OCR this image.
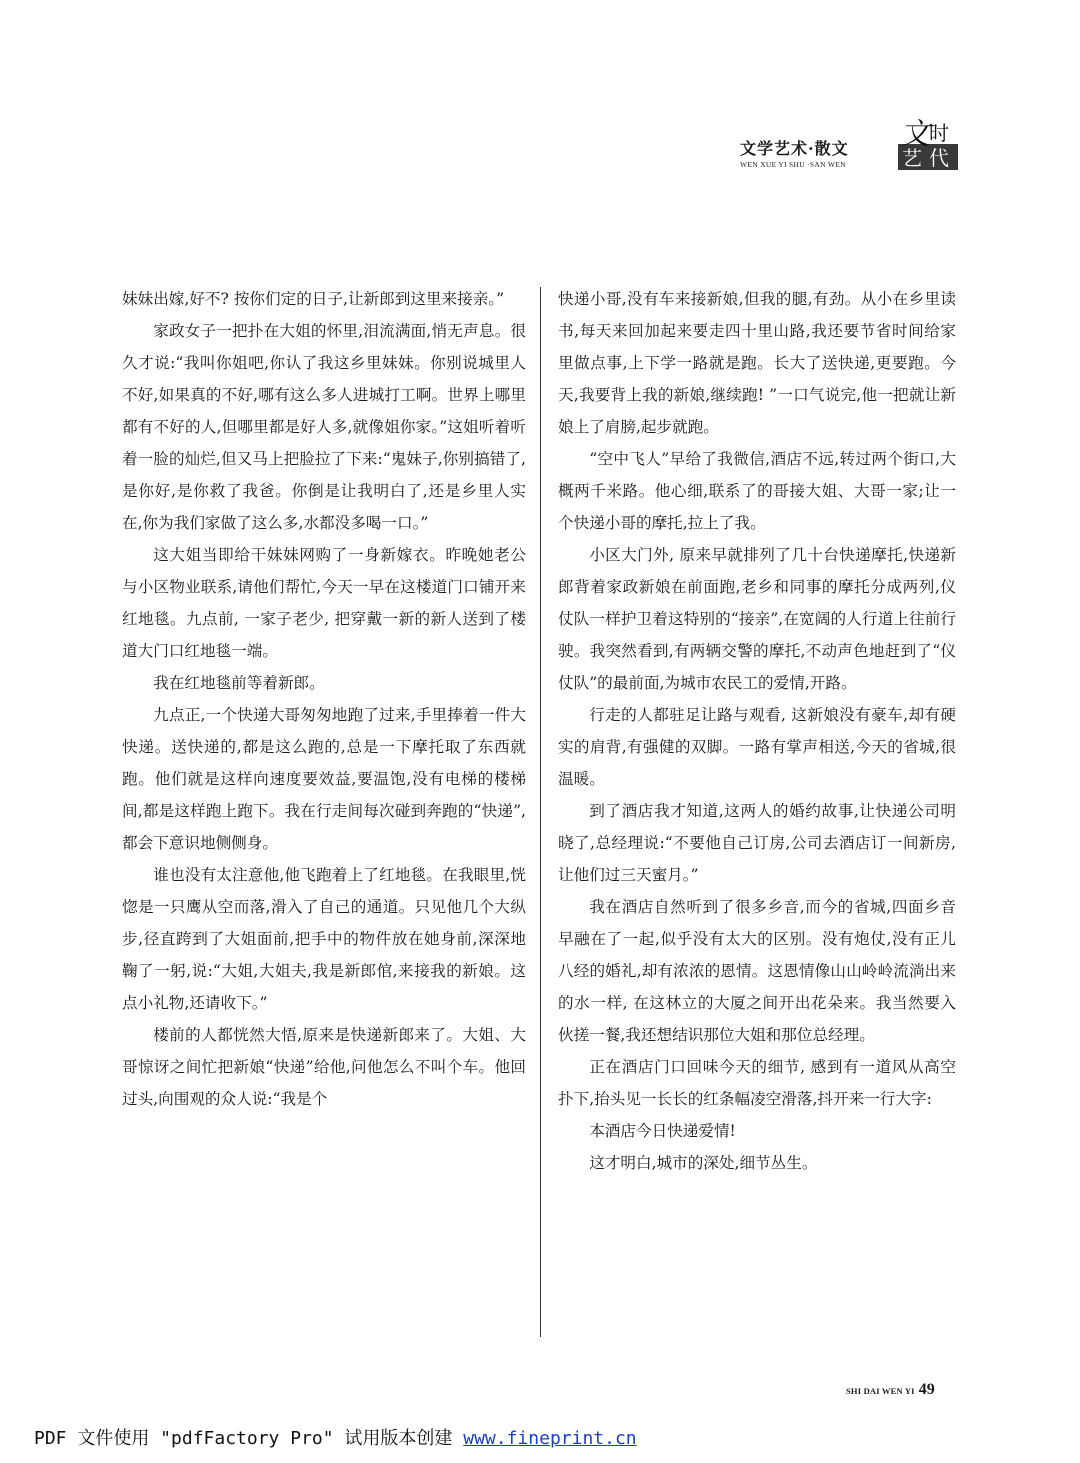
文学艺术·散文
WEN XUE YI SHU ·SAN WEN
文 时
艺 代

妹妹出嫁,好不? 按你们定的日子,让新郎到这里来接亲。”

家政女子一把扑在大姐的怀里,泪流满面,悄无声息。很久才说:“我叫你姐吧,你认了我这乡里妹妹。你别说城里人不好,如果真的不好,哪有这么多人进城打工啊。世界上哪里都有不好的人,但哪里都是好人多,就像姐你家。”这姐听着听着一脸的灿烂,但又马上把脸拉了下来:“鬼妹子,你别搞错了,是你好,是你救了我爸。你倒是让我明白了,还是乡里人实在,你为我们家做了这么多,水都没多喝一口。”

这大姐当即给干妹妹网购了一身新嫁衣。昨晚她老公与小区物业联系,请他们帮忙,今天一早在这楼道门口铺开来红地毯。九点前, 一家子老少, 把穿戴一新的新人送到了楼道大门口红地毯一端。

我在红地毯前等着新郎。

九点正,一个快递大哥匆匆地跑了过来,手里捧着一件大快递。送快递的,都是这么跑的,总是一下摩托取了东西就跑。他们就是这样向速度要效益,要温饱,没有电梯的楼梯间,都是这样跑上跑下。我在行走间每次碰到奔跑的“快递”,都会下意识地侧侧身。

谁也没有太注意他,他飞跑着上了红地毯。在我眼里,恍惚是一只鹰从空而落,滑入了自己的通道。只见他几个大纵步,径直跨到了大姐面前,把手中的物件放在她身前,深深地鞠了一躬,说:“大姐,大姐夫,我是新郎倌,来接我的新娘。这点小礼物,还请收下。”

楼前的人都恍然大悟,原来是快递新郎来了。大姐、大哥惊讶之间忙把新娘“快递”给他,问他怎么不叫个车。他回过头,向围观的众人说:“我是个

快递小哥,没有车来接新娘,但我的腿,有劲。从小在乡里读书,每天来回加起来要走四十里山路,我还要节省时间给家里做点事,上下学一路就是跑。长大了送快递,更要跑。今天,我要背上我的新娘,继续跑! ”一口气说完,他一把就让新娘上了肩膀,起步就跑。

“空中飞人”早给了我微信,酒店不远,转过两个街口,大概两千米路。他心细,联系了的哥接大姐、大哥一家;让一个快递小哥的摩托,拉上了我。

小区大门外, 原来早就排列了几十台快递摩托,快递新郎背着家政新娘在前面跑,老乡和同事的摩托分成两列,仪仗队一样护卫着这特别的“接亲”,在宽阔的人行道上往前行驶。我突然看到,有两辆交警的摩托,不动声色地赶到了“仪仗队”的最前面,为城市农民工的爱情,开路。

行走的人都驻足让路与观看, 这新娘没有豪车,却有硬实的肩背,有强健的双脚。一路有掌声相送,今天的省城,很温暖。

到了酒店我才知道,这两人的婚约故事,让快递公司明晓了,总经理说:“不要他自己订房,公司去酒店订一间新房,让他们过三天蜜月。”

我在酒店自然听到了很多乡音,而今的省城,四面乡音早融在了一起,似乎没有太大的区别。没有炮仗,没有正儿八经的婚礼,却有浓浓的恩情。这恩情像山山岭岭流淌出来的水一样, 在这林立的大厦之间开出花朵来。我当然要入伙搓一餐,我还想结识那位大姐和那位总经理。

正在酒店门口回味今天的细节, 感到有一道风从高空扑下,抬头见一长长的红条幅凌空滑落,抖开来一行大字:

本酒店今日快递爱情!

这才明白,城市的深处,细节丛生。

SHI DAI WEN YI 49
PDF 文件使用 "pdfFactory Pro" 试用版本创建 www.fineprint.cn
